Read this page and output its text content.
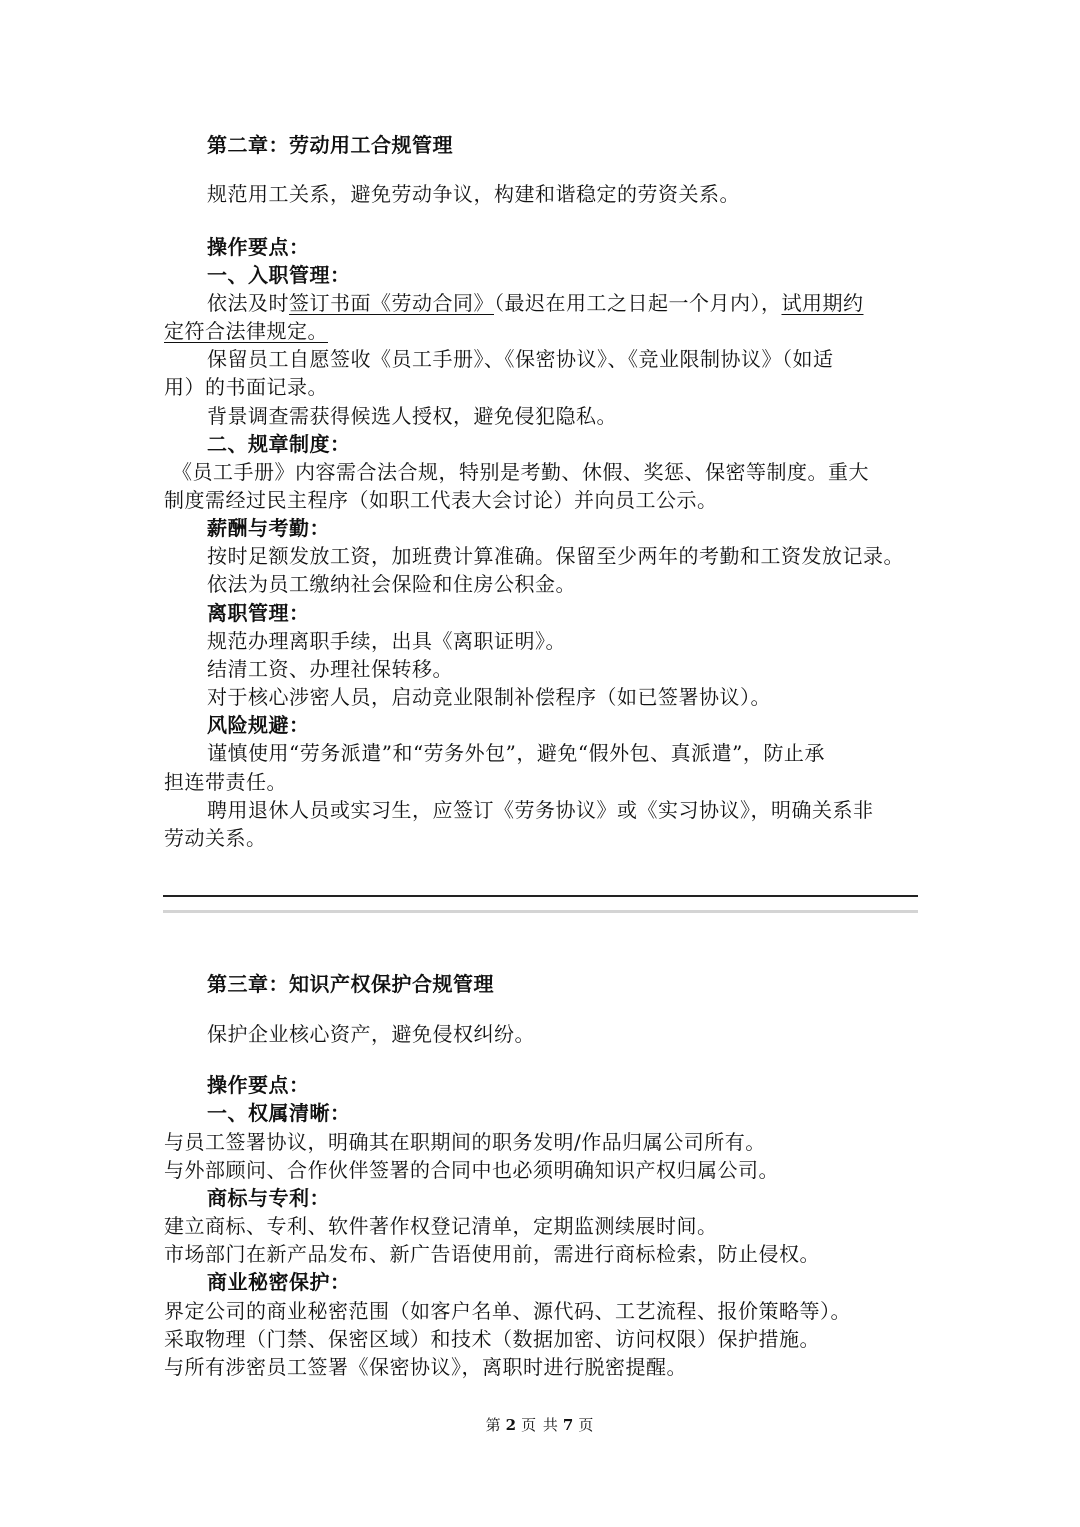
第二章：劳动用工合规管理
规范用工关系，避免劳动争议，构建和谐稳定的劳资关系。
操作要点：
一、入职管理：
依法及时签订书面《劳动合同》（最迟在用工之日起一个月内），试用期约
定符合法律规定。
保留员工自愿签收《员工手册》、《保密协议》、《竞业限制协议》（如适
用）的书面记录。
背景调查需获得候选人授权，避免侵犯隐私。
二、规章制度：
《员工手册》内容需合法合规，特别是考勤、休假、奖惩、保密等制度。重大
制度需经过民主程序（如职工代表大会讨论）并向员工公示。
薪酬与考勤：
按时足额发放工资，加班费计算准确。保留至少两年的考勤和工资发放记录。
依法为员工缴纳社会保险和住房公积金。
离职管理：
规范办理离职手续，出具《离职证明》。
结清工资、办理社保转移。
对于核心涉密人员，启动竞业限制补偿程序（如已签署协议）。
风险规避：
谨慎使用“劳务派遣”和“劳务外包”，避免“假外包、真派遣”，防止承
担连带责任。
聘用退休人员或实习生，应签订《劳务协议》或《实习协议》，明确关系非
劳动关系。
第三章：知识产权保护合规管理
保护企业核心资产，避免侵权纠纷。
操作要点：
一、权属清晰：
与员工签署协议，明确其在职期间的职务发明/作品归属公司所有。
与外部顾问、合作伙伴签署的合同中也必须明确知识产权归属公司。
商标与专利：
建立商标、专利、软件著作权登记清单，定期监测续展时间。
市场部门在新产品发布、新广告语使用前，需进行商标检索，防止侵权。
商业秘密保护：
界定公司的商业秘密范围（如客户名单、源代码、工艺流程、报价策略等）。
采取物理（门禁、保密区域）和技术（数据加密、访问权限）保护措施。
与所有涉密员工签署《保密协议》，离职时进行脱密提醒。
第 2 页 共 7 页
